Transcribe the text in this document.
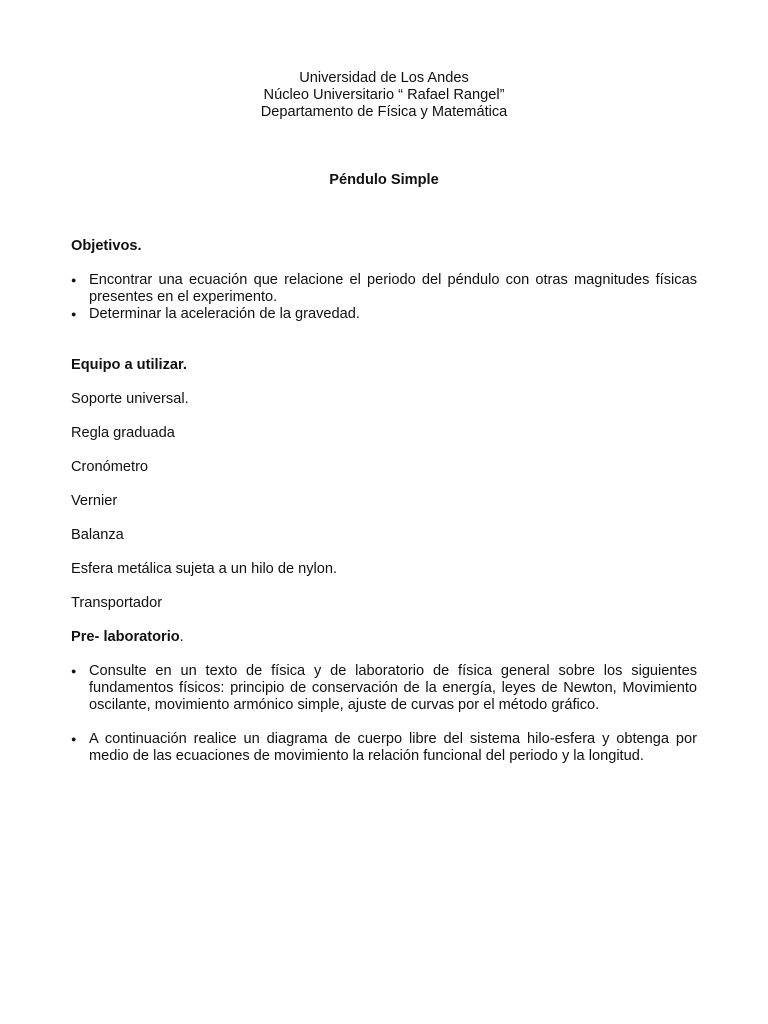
Universidad de Los Andes
Núcleo Universitario “ Rafael Rangel”
Departamento de Física y Matemática
Péndulo Simple
Objetivos.
● Encontrar una ecuación que relacione el periodo del péndulo con otras magnitudes físicas presentes en el experimento.
● Determinar la aceleración de la gravedad.
Equipo a utilizar.
Soporte universal.
Regla graduada
Cronómetro
Vernier
Balanza
Esfera metálica sujeta a un hilo de nylon.
Transportador
Pre- laboratorio.
● Consulte en un texto de física y de laboratorio de física general sobre los siguientes fundamentos físicos: principio de conservación de la energía, leyes de Newton, Movimiento oscilante, movimiento armónico simple, ajuste de curvas por el método gráfico.
● A continuación realice un diagrama de cuerpo libre del sistema hilo-esfera y obtenga por medio de las ecuaciones de movimiento la relación funcional del periodo y la longitud.
